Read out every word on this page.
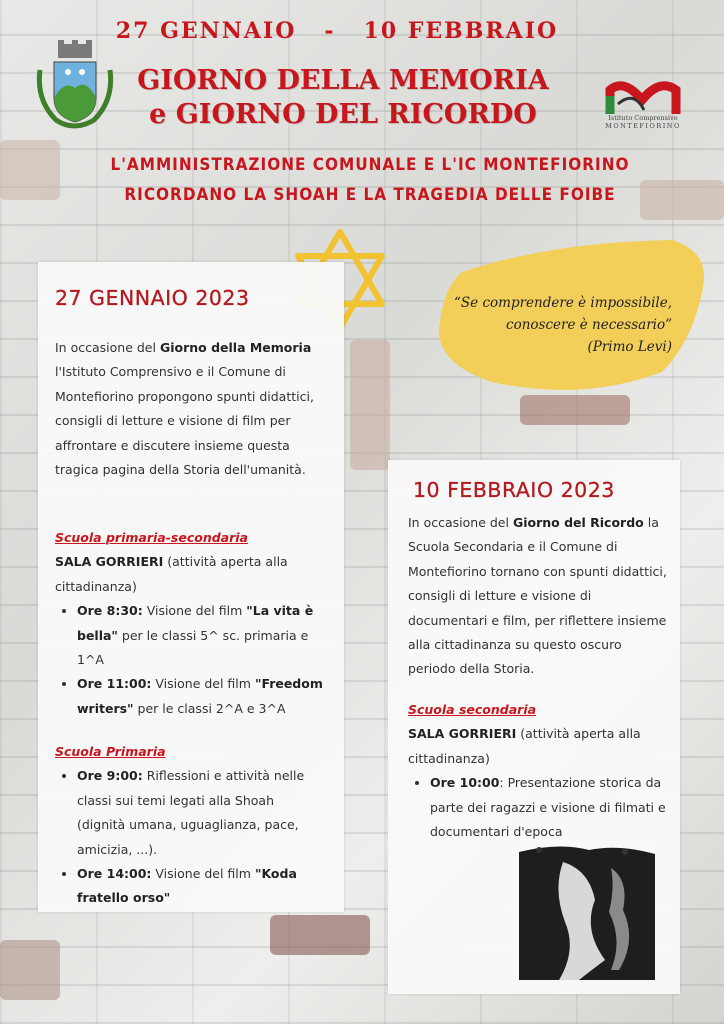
Istituto Comprensivo
MONTEFIORINO
27 GENNAIO - 10 FEBBRAIO
GIORNO DELLA MEMORIA
e GIORNO DEL RICORDO
L'AMMINISTRAZIONE COMUNALE E L'IC MONTEFIORINO
RICORDANO LA SHOAH E LA TRAGEDIA DELLE FOIBE
“Se comprendere è impossibile,
conoscere è necessario”
(Primo Levi)
27 GENNAIO 2023
In occasione del Giorno della Memoria l'Istituto Comprensivo e il Comune di Montefiorino propongono spunti didattici, consigli di letture e visione di film per affrontare e discutere insieme questa tragica pagina della Storia dell'umanità.
Scuola primaria-secondaria
SALA GORRIERI (attività aperta alla cittadinanza)
• Ore 8:30: Visione del film "La vita è bella" per le classi 5^ sc. primaria e 1^A
• Ore 11:00: Visione del film "Freedom writers" per le classi 2^A e 3^A
Scuola Primaria
• Ore 9:00: Riflessioni e attività nelle classi sui temi legati alla Shoah (dignità umana, uguaglianza, pace, amicizia, ...).
• Ore 14:00: Visione del film "Koda fratello orso"
10 FEBBRAIO 2023
In occasione del Giorno del Ricordo la Scuola Secondaria e il Comune di Montefiorino tornano con spunti didattici, consigli di letture e visione di documentari e film, per riflettere insieme alla cittadinanza su questo oscuro periodo della Storia.
Scuola secondaria
SALA GORRIERI (attività aperta alla cittadinanza)
• Ore 10:00: Presentazione storica da parte dei ragazzi e visione di filmati e documentari d'epoca
